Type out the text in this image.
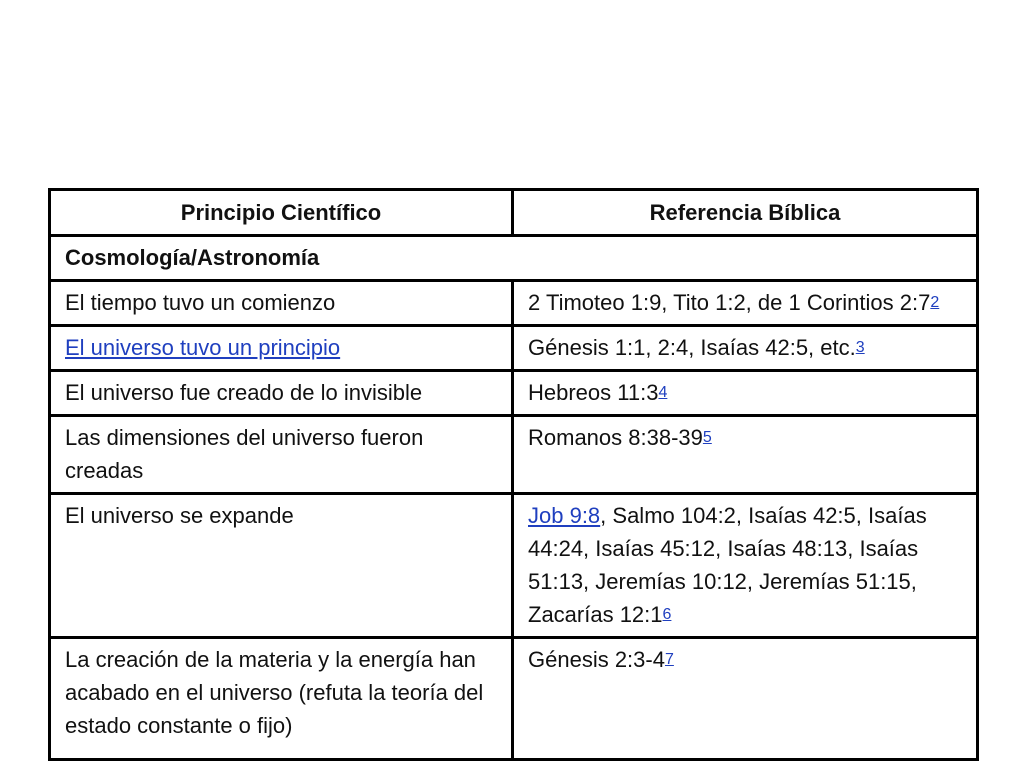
Principio Científico	Referencia Bíblica
Cosmología/Astronomía	
El tiempo tuvo un comienzo	2 Timoteo 1:9, Tito 1:2, de 1 Corintios 2:72
El universo tuvo un principio	Génesis 1:1, 2:4, Isaías 42:5, etc.3
El universo fue creado de lo invisible	Hebreos 11:34
Las dimensiones del universo fueron creadas	Romanos 8:38-395
El universo se expande	Job 9:8, Salmo 104:2, Isaías 42:5, Isaías 44:24, Isaías 45:12, Isaías 48:13, Isaías 51:13, Jeremías 10:12, Jeremías 51:15, Zacarías 12:16
La creación de la materia y la energía han acabado en el universo (refuta la teoría del estado constante o fijo)	Génesis 2:3-47
